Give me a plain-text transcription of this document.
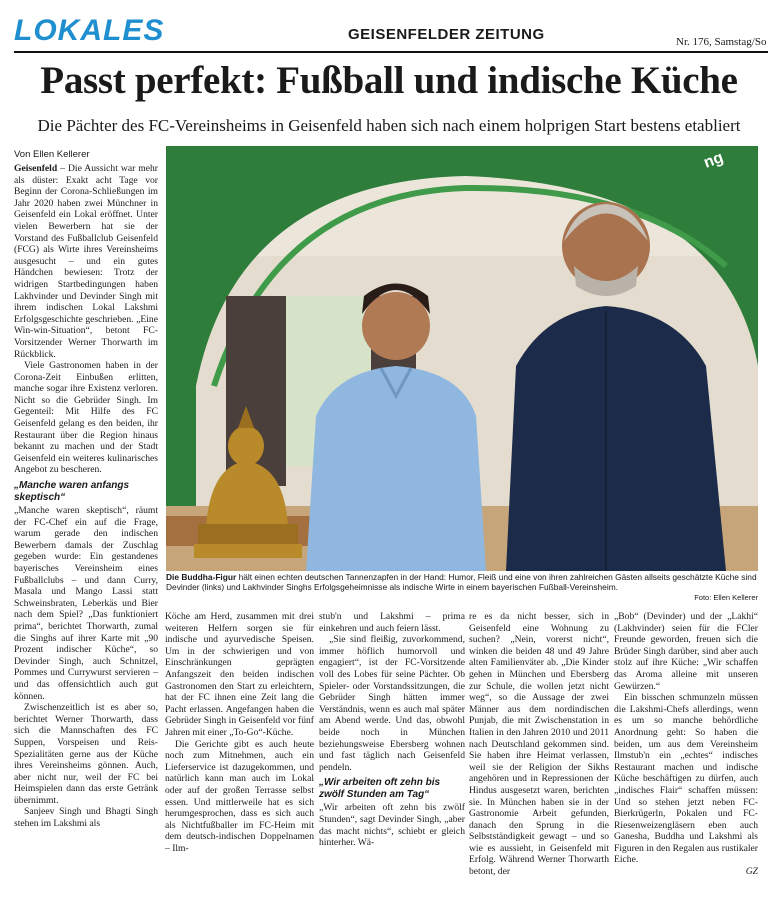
LOKALES	GEISENFELDER ZEITUNG	Nr. 176, Samstag/So
Passt perfekt: Fußball und indische Küche
Die Pächter des FC-Vereinsheims in Geisenfeld haben sich nach einem holprigen Start bestens etabliert
Von Ellen Kellerer

Geisenfeld – Die Aussicht war mehr als düster: Exakt acht Tage vor Beginn der Corona-Schließungen im Jahr 2020 haben zwei Münchner in Geisenfeld ein Lokal eröffnet. Unter vielen Bewerbern hat sie der Vorstand des Fußballclub Geisenfeld (FCG) als Wirte ihres Vereinsheims ausgesucht – und ein gutes Händchen bewiesen: Trotz der widrigen Startbedingungen haben Lakhvinder und Devinder Singh mit ihrem indischen Lokal Lakshmi Erfolgsgeschichte geschrieben. „Eine Win-win-Situation“, betont FC-Vorsitzender Werner Thorwarth im Rückblick.

Viele Gastronomen haben in der Corona-Zeit Einbußen erlitten, manche sogar ihre Existenz verloren. Nicht so die Gebrüder Singh. Im Gegenteil: Mit Hilfe des FC Geisenfeld gelang es den beiden, ihr Restaurant über die Region hinaus bekannt zu machen und der Stadt Geisenfeld ein weiteres kulinarisches Angebot zu bescheren.

„Manche waren anfangs skeptisch“

„Manche waren skeptisch“, räumt der FC-Chef ein auf die Frage, warum gerade den indischen Bewerbern damals der Zuschlag gegeben wurde: Ein gestandenes bayerisches Vereinsheim eines Fußballclubs – und dann Curry, Masala und Mango Lassi statt Schweinsbraten, Leberkäs und Bier nach dem Spiel? „Das funktioniert prima“, berichtet Thorwarth, zumal die Singhs auf ihrer Karte mit „90 Prozent indischer Küche“, so Devinder Singh, auch Schnitzel, Pommes und Currywurst servieren – und das offensichtlich auch gut können.

Zwischenzeitlich ist es aber so, berichtet Werner Thorwarth, dass sich die Mannschaften des FC Suppen, Vorspeisen und Reis-Spezialitäten gerne aus der Küche ihres Vereinsheims gönnen. Auch, aber nicht nur, weil der FC bei Heimspielen dann das erste Getränk übernimmt.

Sanjeev Singh und Bhagti Singh stehen im Lakshmi als

ng
Die Buddha-Figur hält einen echten deutschen Tannenzapfen in der Hand: Humor, Fleiß und eine von ihren zahlreichen Gästen allseits geschätzte Küche sind Devinder (links) und Lakhvinder Singhs Erfolgsgeheimnisse als indische Wirte in einem bayerischen Fußball-Vereinsheim.
Foto: Ellen Kellerer

Köche am Herd, zusammen mit drei weiteren Helfern sorgen sie für indische und ayurvedische Speisen. Um in der schwierigen und von Einschränkungen geprägten Anfangszeit den beiden indischen Gastronomen den Start zu erleichtern, hat der FC ihnen eine Zeit lang die Pacht erlassen. Angefangen haben die Gebrüder Singh in Geisenfeld vor fünf Jahren mit einer „To-Go“-Küche.

Die Gerichte gibt es auch heute noch zum Mitnehmen, auch ein Lieferservice ist dazugekommen, und natürlich kann man auch im Lokal oder auf der großen Terrasse selbst essen. Und mittlerweile hat es sich herumgesprochen, dass es sich auch als Nichtfußballer im FC-Heim mit dem deutsch-indischen Doppelnamen – Ilm-

stub'n und Lakshmi – prima einkehren und auch feiern lässt.

„Sie sind fleißig, zuvorkommend, immer höflich humorvoll und engagiert“, ist der FC-Vorsitzende voll des Lobes für seine Pächter. Ob Spieler- oder Vorstandssitzungen, die Gebrüder Singh hätten immer Verständnis, wenn es auch mal später am Abend werde. Und das, obwohl beide noch in München beziehungsweise Ebersberg wohnen und fast täglich nach Geisenfeld pendeln.

„Wir arbeiten oft zehn bis zwölf Stunden am Tag“

„Wir arbeiten oft zehn bis zwölf Stunden“, sagt Devinder Singh, „aber das macht nichts“, schiebt er gleich hinterher. Wä-

re es da nicht besser, sich in Geisenfeld eine Wohnung zu suchen? „Nein, vorerst nicht“, winken die beiden 48 und 49 Jahre alten Familienväter ab. „Die Kinder gehen in München und Ebersberg zur Schule, die wollen jetzt nicht weg“, so die Aussage der zwei Männer aus dem nordindischen Punjab, die mit Zwischenstation in Italien in den Jahren 2010 und 2011 nach Deutschland gekommen sind. Sie haben ihre Heimat verlassen, weil sie der Religion der Sikhs angehören und in Repressionen der Hindus ausgesetzt waren, berichten sie. In München haben sie in der Gastronomie Arbeit gefunden, danach den Sprung in die Selbstständigkeit gewagt – und so wie es aussieht, in Geisenfeld mit Erfolg. Während Werner Thorwarth betont, der

„Bob“ (Devinder) und der „Lakhi“ (Lakhvinder) seien für die FCler Freunde geworden, freuen sich die Brüder Singh darüber, sind aber auch stolz auf ihre Küche: „Wir schaffen das Aroma alleine mit unseren Gewürzen.“

Ein bisschen schmunzeln müssen die Lakshmi-Chefs allerdings, wenn es um so manche behördliche Anordnung geht: So haben die beiden, um aus dem Vereinsheim Ilmstub'n ein „echtes“ indisches Restaurant machen und indische Küche beschäftigen zu dürfen, auch „indisches Flair“ schaffen müssen: Und so stehen jetzt neben FC-Bierkrügerln, Pokalen und FC-Riesenweizengläsern eben auch Ganesha, Buddha und Lakshmi als Figuren in den Regalen aus rustikaler Eiche.

GZ
